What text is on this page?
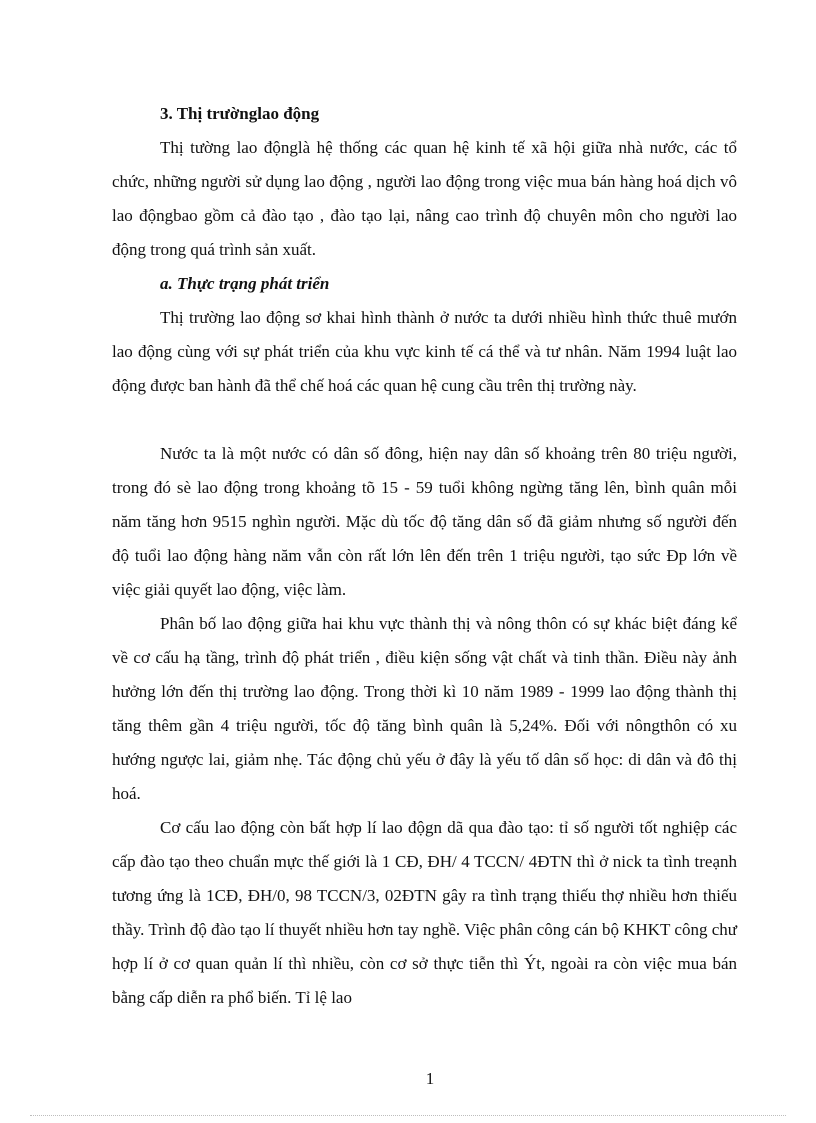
3. Thị trườnglao động

Thị tường lao độnglà hệ thống các quan hệ kinh tế xã hội giữa nhà nước, các tổ chức, những người sử dụng lao động , người lao động trong việc mua bán hàng hoá dịch vô lao độngbao gồm cả đào tạo , đào tạo lại, nâng cao trình độ chuyên môn cho người lao động trong quá trình sản xuất.

a. Thực trạng phát triển

Thị trường lao động sơ khai hình thành ở nước ta dưới nhiều hình thức thuê mướn lao động cùng với sự phát triển của khu vực kinh tế cá thể và tư nhân. Năm 1994 luật lao động được ban hành đã thể chế hoá các quan hệ cung cầu trên thị trường này.

Nước ta là một nước có dân số đông, hiện nay dân số khoảng trên 80 triệu người, trong đó sè lao động trong khoảng tõ 15 - 59 tuổi không ngừng tăng lên, bình quân mỗi năm tăng hơn 9515 nghìn người. Mặc dù tốc độ tăng dân số đã giảm nhưng số người đến độ tuổi lao động hàng năm vẫn còn rất lớn lên đến trên 1 triệu người, tạo sức Ðp lớn về việc giải quyết lao động, việc làm.

Phân bố lao động giữa hai khu vực thành thị và nông thôn có sự khác biệt đáng kể về cơ cấu hạ tầng, trình độ phát triển , điều kiện sống vật chất và tinh thần. Điều này ảnh hưởng lớn đến thị trường lao động. Trong thời kì 10 năm 1989 - 1999 lao động thành thị tăng thêm gần 4 triệu người, tốc độ tăng bình quân là 5,24%. Đối với nôngthôn có xu hướng ngược lai, giảm nhẹ. Tác động chủ yếu ở đây là yếu tố dân số học: di dân và đô thị hoá.

Cơ cấu lao động còn bất hợp lí lao độgn dã qua đào tạo: tỉ số người tốt nghiệp các cấp đào tạo theo chuẩn mực thế giới là 1 CĐ, ĐH/ 4 TCCN/ 4ĐTN thì ở nick ta tình treạnh tương ứng là 1CĐ, ĐH/0, 98 TCCN/3, 02ĐTN gây ra tình trạng thiếu thợ nhiều hơn thiếu thầy. Trình độ đào tạo lí thuyết nhiều hơn tay nghề. Việc phân công cán bộ KHKT công chư hợp lí ở cơ quan quản lí thì nhiều, còn cơ sở thực tiễn thì Ýt, ngoài ra còn việc mua bán bằng cấp diễn ra phổ biến. Tỉ lệ lao

1
